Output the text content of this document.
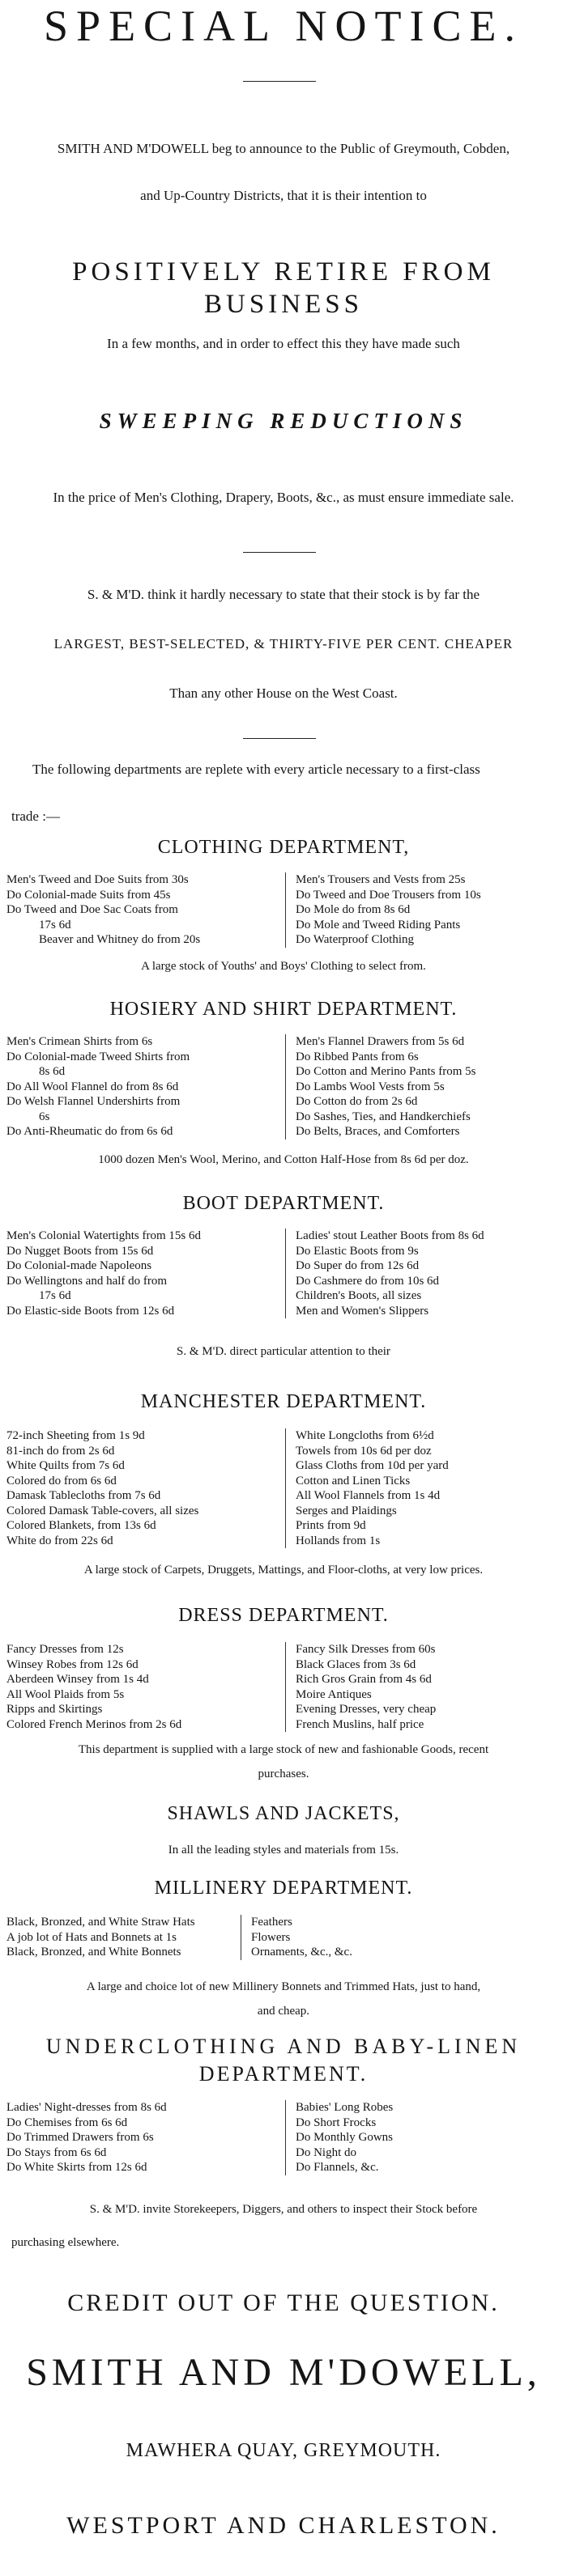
SPECIAL NOTICE.
SMITH AND M'DOWELL beg to announce to the Public of Greymouth, Cobden,
and Up-Country Districts, that it is their intention to
POSITIVELY RETIRE FROM BUSINESS
In a few months, and in order to effect this they have made such
SWEEPING REDUCTIONS
In the price of Men's Clothing, Drapery, Boots, &c., as must ensure immediate sale.
S. & M'D. think it hardly necessary to state that their stock is by far the
LARGEST, BEST-SELECTED, & THIRTY-FIVE PER CENT. CHEAPER
Than any other House on the West Coast.
The following departments are replete with every article necessary to a first-class
trade :—
CLOTHING DEPARTMENT,
Men's Tweed and Doe Suits from 30s
Do Colonial-made Suits from 45s
Do Tweed and Doe Sac Coats from
17s 6d
Beaver and Whitney do from 20s
Men's Trousers and Vests from 25s
Do Tweed and Doe Trousers from 10s
Do Mole do from 8s 6d
Do Mole and Tweed Riding Pants
Do Waterproof Clothing
A large stock of Youths' and Boys' Clothing to select from.
HOSIERY AND SHIRT DEPARTMENT.
Men's Crimean Shirts from 6s
Do Colonial-made Tweed Shirts from
8s 6d
Do All Wool Flannel do from 8s 6d
Do Welsh Flannel Undershirts from
6s
Do Anti-Rheumatic do from 6s 6d
Men's Flannel Drawers from 5s 6d
Do Ribbed Pants from 6s
Do Cotton and Merino Pants from 5s
Do Lambs Wool Vests from 5s
Do Cotton do from 2s 6d
Do Sashes, Ties, and Handkerchiefs
Do Belts, Braces, and Comforters
1000 dozen Men's Wool, Merino, and Cotton Half-Hose from 8s 6d per doz.
BOOT DEPARTMENT.
Men's Colonial Watertights from 15s 6d
Do Nugget Boots from 15s 6d
Do Colonial-made Napoleons
Do Wellingtons and half do from
17s 6d
Do Elastic-side Boots from 12s 6d
Ladies' stout Leather Boots from 8s 6d
Do Elastic Boots from 9s
Do Super do from 12s 6d
Do Cashmere do from 10s 6d
Children's Boots, all sizes
Men and Women's Slippers
S. & M'D. direct particular attention to their
MANCHESTER DEPARTMENT.
72-inch Sheeting from 1s 9d
81-inch do from 2s 6d
White Quilts from 7s 6d
Colored do from 6s 6d
Damask Tablecloths from 7s 6d
Colored Damask Table-covers, all sizes
Colored Blankets, from 13s 6d
White do from 22s 6d
White Longcloths from 6½d
Towels from 10s 6d per doz
Glass Cloths from 10d per yard
Cotton and Linen Ticks
All Wool Flannels from 1s 4d
Serges and Plaidings
Prints from 9d
Hollands from 1s
A large stock of Carpets, Druggets, Mattings, and Floor-cloths, at very low prices.
DRESS DEPARTMENT.
Fancy Dresses from 12s
Winsey Robes from 12s 6d
Aberdeen Winsey from 1s 4d
All Wool Plaids from 5s
Ripps and Skirtings
Colored French Merinos from 2s 6d
Fancy Silk Dresses from 60s
Black Glaces from 3s 6d
Rich Gros Grain from 4s 6d
Moire Antiques
Evening Dresses, very cheap
French Muslins, half price
This department is supplied with a large stock of new and fashionable Goods, recent
purchases.
SHAWLS AND JACKETS,
In all the leading styles and materials from 15s.
MILLINERY DEPARTMENT.
Black, Bronzed, and White Straw Hats
A job lot of Hats and Bonnets at 1s
Black, Bronzed, and White Bonnets
Feathers
Flowers
Ornaments, &c., &c.
A large and choice lot of new Millinery Bonnets and Trimmed Hats, just to hand,
and cheap.
UNDERCLOTHING AND BABY-LINEN
DEPARTMENT.
Ladies' Night-dresses from 8s 6d
Do Chemises from 6s 6d
Do Trimmed Drawers from 6s
Do Stays from 6s 6d
Do White Skirts from 12s 6d
Babies' Long Robes
Do Short Frocks
Do Monthly Gowns
Do Night do
Do Flannels, &c.
S. & M'D. invite Storekeepers, Diggers, and others to inspect their Stock before
purchasing elsewhere.
CREDIT OUT OF THE QUESTION.
SMITH AND M'DOWELL,
MAWHERA QUAY, GREYMOUTH.
WESTPORT AND CHARLESTON.
